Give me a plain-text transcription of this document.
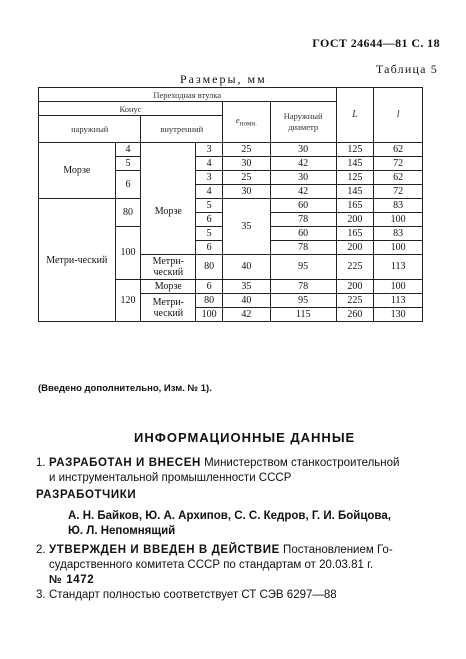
ГОСТ 24644—81 С. 18
Таблица 5
Размеры, мм
Переходная втулка						L	l
Конус				$е_{номи.}$	Наружный диаметр		
наружный		внутренний					
Морзе	4		3	25	30	125	62
	5		4	30	42	145	72
	6	Морзе	3	25	30	125	62
			4	30	42	145	72
Метри-ческий	80		5	35	60	165	83
			6		78	200	100
	100		5		60	165	83
			6		78	200	100
		Метри-ческий	80	40	95	225	113
	120	Морзе	6	35	78	200	100
		Метри-ческий	80	40	95	225	113
			100	42	115	260	130
(Введено дополнительно, Изм. № 1).
ИНФОРМАЦИОННЫЕ ДАННЫЕ
1. РАЗРАБОТАН И ВНЕСЕН Министерством станкостроительной
и инструментальной промышленности СССР
РАЗРАБОТЧИКИ
А. Н. Байков, Ю. А. Архипов, С. С. Кедров, Г. И. Бойцова,
Ю. Л. Непомнящий
2. УТВЕРЖДЕН И ВВЕДЕН В ДЕЙСТВИЕ Постановлением Го-
сударственного комитета СССР по стандартам от 20.03.81 г.
№ 1472
3. Стандарт полностью соответствует СТ СЭВ 6297—88
